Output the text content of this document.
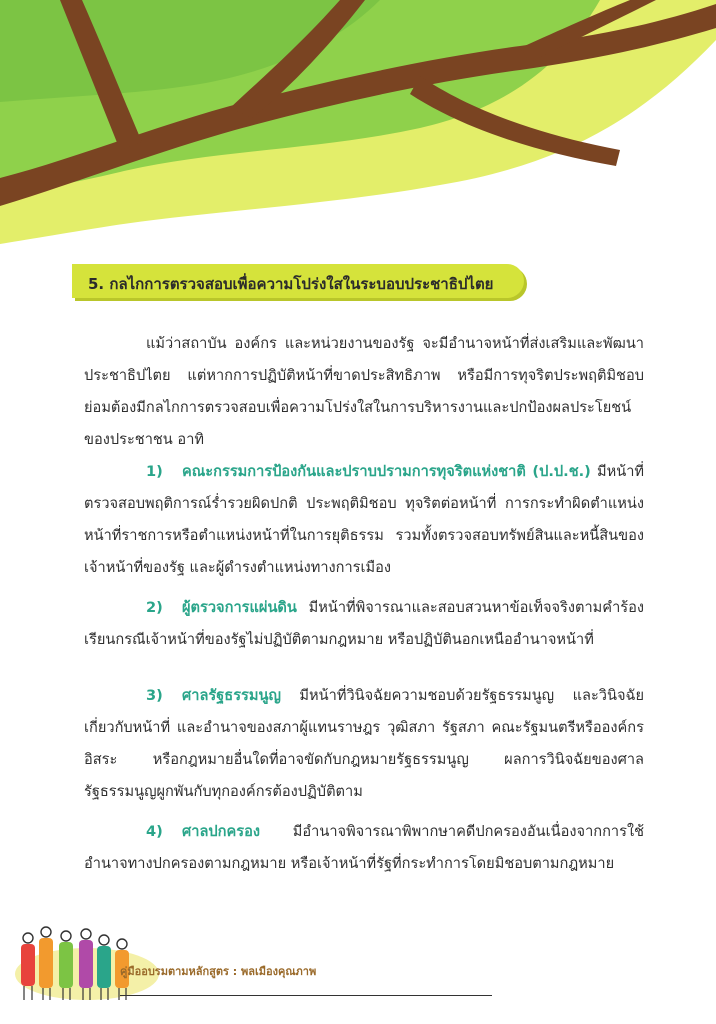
5. กลไกการตรวจสอบเพื่อความโปร่งใสในระบอบประชาธิปไตย

แม้ว่าสถาบัน องค์กร และหน่วยงานของรัฐ จะมีอำนาจหน้าที่ส่งเสริมและพัฒนาประชาธิปไตย แต่หากการปฏิบัติหน้าที่ขาดประสิทธิภาพ หรือมีการทุจริตประพฤติมิชอบ ย่อมต้องมีกลไกการตรวจสอบเพื่อความโปร่งใสในการบริหารงานและปกป้องผลประโยชน์ของประชาชน อาทิ

1) คณะกรรมการป้องกันและปราบปรามการทุจริตแห่งชาติ (ป.ป.ช.) มีหน้าที่ตรวจสอบพฤติการณ์ร่ำรวยผิดปกติ ประพฤติมิชอบ ทุจริตต่อหน้าที่ การกระทำผิดตำแหน่งหน้าที่ราชการหรือตำแหน่งหน้าที่ในการยุติธรรม รวมทั้งตรวจสอบทรัพย์สินและหนี้สินของเจ้าหน้าที่ของรัฐ และผู้ดำรงตำแหน่งทางการเมือง

2) ผู้ตรวจการแผ่นดิน มีหน้าที่พิจารณาและสอบสวนหาข้อเท็จจริงตามคำร้องเรียนกรณีเจ้าหน้าที่ของรัฐไม่ปฏิบัติตามกฎหมาย หรือปฏิบัตินอกเหนืออำนาจหน้าที่

3) ศาลรัฐธรรมนูญ มีหน้าที่วินิจฉัยความชอบด้วยรัฐธรรมนูญ และวินิจฉัยเกี่ยวกับหน้าที่ และอำนาจของสภาผู้แทนราษฎร วุฒิสภา รัฐสภา คณะรัฐมนตรีหรือองค์กรอิสระ หรือกฎหมายอื่นใดที่อาจขัดกับกฎหมายรัฐธรรมนูญ ผลการวินิจฉัยของศาลรัฐธรรมนูญผูกพันกับทุกองค์กรต้องปฏิบัติตาม

4) ศาลปกครอง มีอำนาจพิจารณาพิพากษาคดีปกครองอันเนื่องจากการใช้อำนาจทางปกครองตามกฎหมาย หรือเจ้าหน้าที่รัฐที่กระทำการโดยมิชอบตามกฎหมาย

คู่มืออบรมตามหลักสูตร : พลเมืองคุณภาพ
